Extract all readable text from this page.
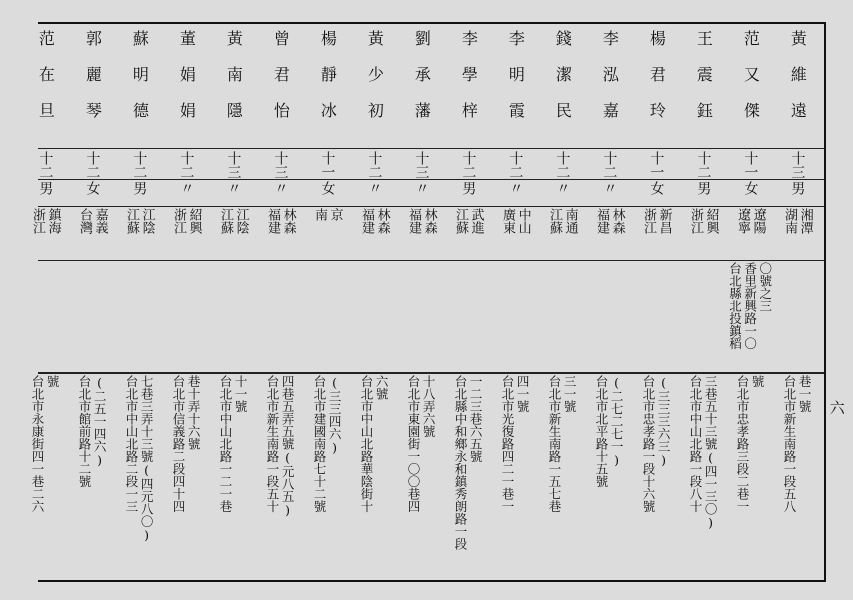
黃維遠
十三
男
湖南 湘潭
台北市新生南路一段五八 巷一號
范又傑
十一
女
遼寧 遼陽
台北縣北投鎮稻 香里新興路一〇 〇號之三
台北市忠孝路三段二巷一 號
王震鈺
十二
男
浙江 紹興
台北市中山北路一段八十 三巷五十三號(四一三〇)
楊君玲
十一
女
浙江 新昌
台北市忠孝路一段十六號 (三三三六三)
李泓嘉
十二
〃
福建 林森
台北市北平路十五號 (二七二七一)
錢潔民
十二
〃
江蘇 南通
台北市新生南路一五七巷 三一號
李明霞
十二
〃
廣東 中山
台北市光復路四二一巷一 四一號
李學梓
十二
男
江蘇 武進
台北縣中和鄉永和鎮秀朗路一段 一二三巷六五號
劉承藩
十三
〃
福建 林森
台北市東園街一〇〇巷四 十八弄六號
黃少初
十二
〃
福建 林森
台北市中山北路華陰街十 六號
楊靜冰
十一
女
南 京
台北市建國南路七十二號 (三三四六)
曾君怡
十三
〃
福建 林森
台北市新生南路一段五十 四巷五弄五號(元八五)
黃南隱
十三
〃
江蘇 江陰
台北市中山北路一二一巷 十一號
董娟娟
十二
〃
浙江 紹興
台北市信義路二段四十四 巷十弄十六號
蘇明德
十二
男
江蘇 江陰
台北市中山北路二段一三 七巷三弄十三號(四元八〇)
郭麗琴
十二
女
台灣 嘉義
台北市館前路十二號 (二五一四六)
范在旦
十二
男
浙江 鎮海
台北市永康街四一巷二六 號
六
